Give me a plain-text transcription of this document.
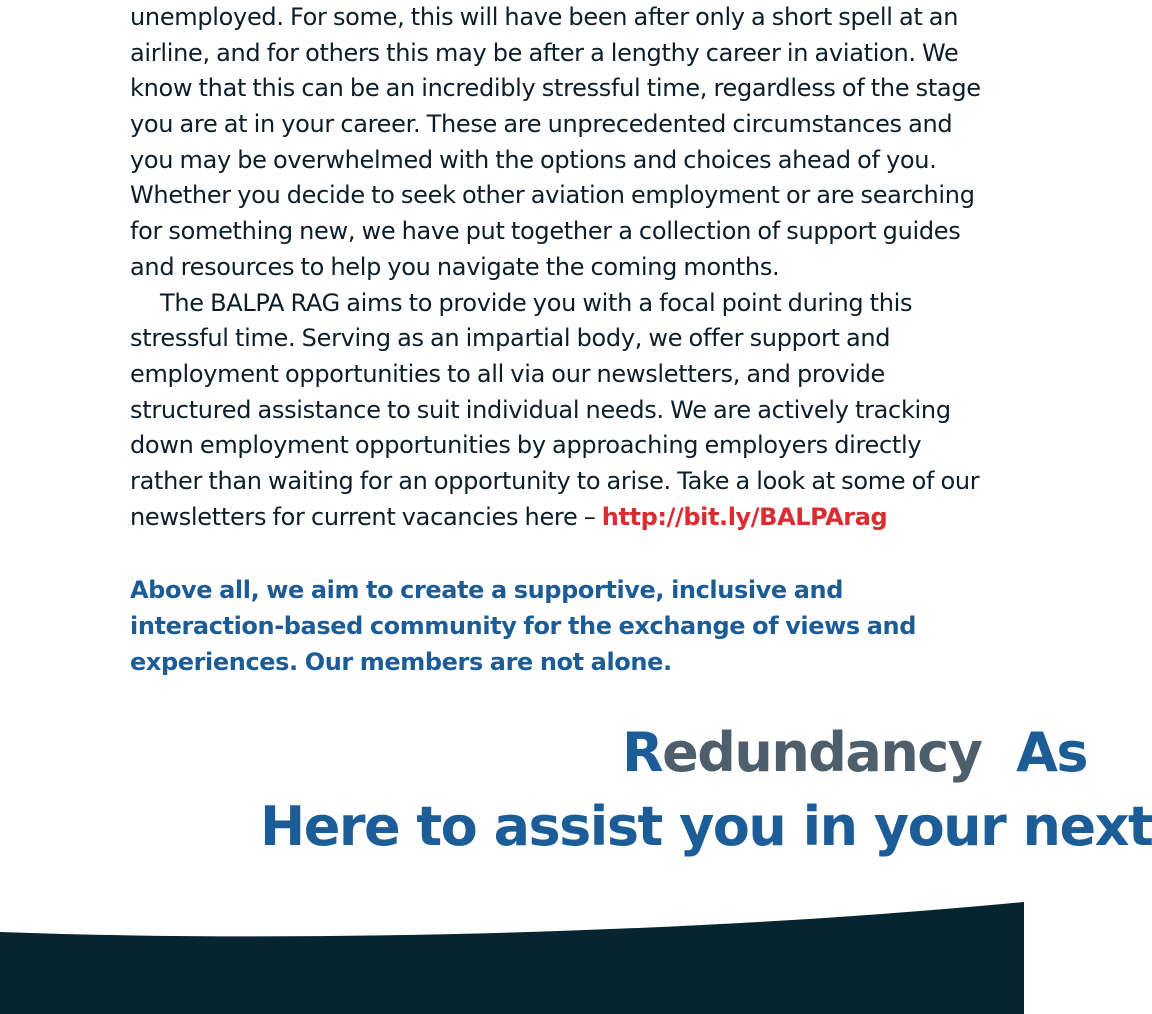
unemployed. For some, this will have been after only a short spell at an
airline, and for others this may be after a lengthy career in aviation. We
know that this can be an incredibly stressful time, regardless of the stage
you are at in your career. These are unprecedented circumstances and
you may be overwhelmed with the options and choices ahead of you.
Whether you decide to seek other aviation employment or are searching
for something new, we have put together a collection of support guides
and resources to help you navigate the coming months.
The BALPA RAG aims to provide you with a focal point during this
stressful time. Serving as an impartial body, we offer support and
employment opportunities to all via our newsletters, and provide
structured assistance to suit individual needs. We are actively tracking
down employment opportunities by approaching employers directly
rather than waiting for an opportunity to arise. Take a look at some of our
newsletters for current vacancies here – http://bit.ly/BALPArag
Above all, we aim to create a supportive, inclusive and
interaction-based community for the exchange of views and
experiences. Our members are not alone.
Redundancy As
Here to assist you in your next
